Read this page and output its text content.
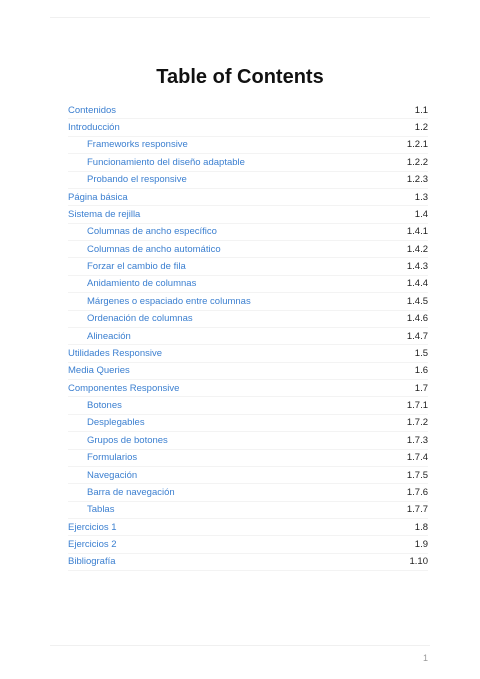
Table of Contents
Contenidos	1.1
Introducción	1.2
Frameworks responsive	1.2.1
Funcionamiento del diseño adaptable	1.2.2
Probando el responsive	1.2.3
Página básica	1.3
Sistema de rejilla	1.4
Columnas de ancho específico	1.4.1
Columnas de ancho automático	1.4.2
Forzar el cambio de fila	1.4.3
Anidamiento de columnas	1.4.4
Márgenes o espaciado entre columnas	1.4.5
Ordenación de columnas	1.4.6
Alineación	1.4.7
Utilidades Responsive	1.5
Media Queries	1.6
Componentes Responsive	1.7
Botones	1.7.1
Desplegables	1.7.2
Grupos de botones	1.7.3
Formularios	1.7.4
Navegación	1.7.5
Barra de navegación	1.7.6
Tablas	1.7.7
Ejercicios 1	1.8
Ejercicios 2	1.9
Bibliografía	1.10
1
